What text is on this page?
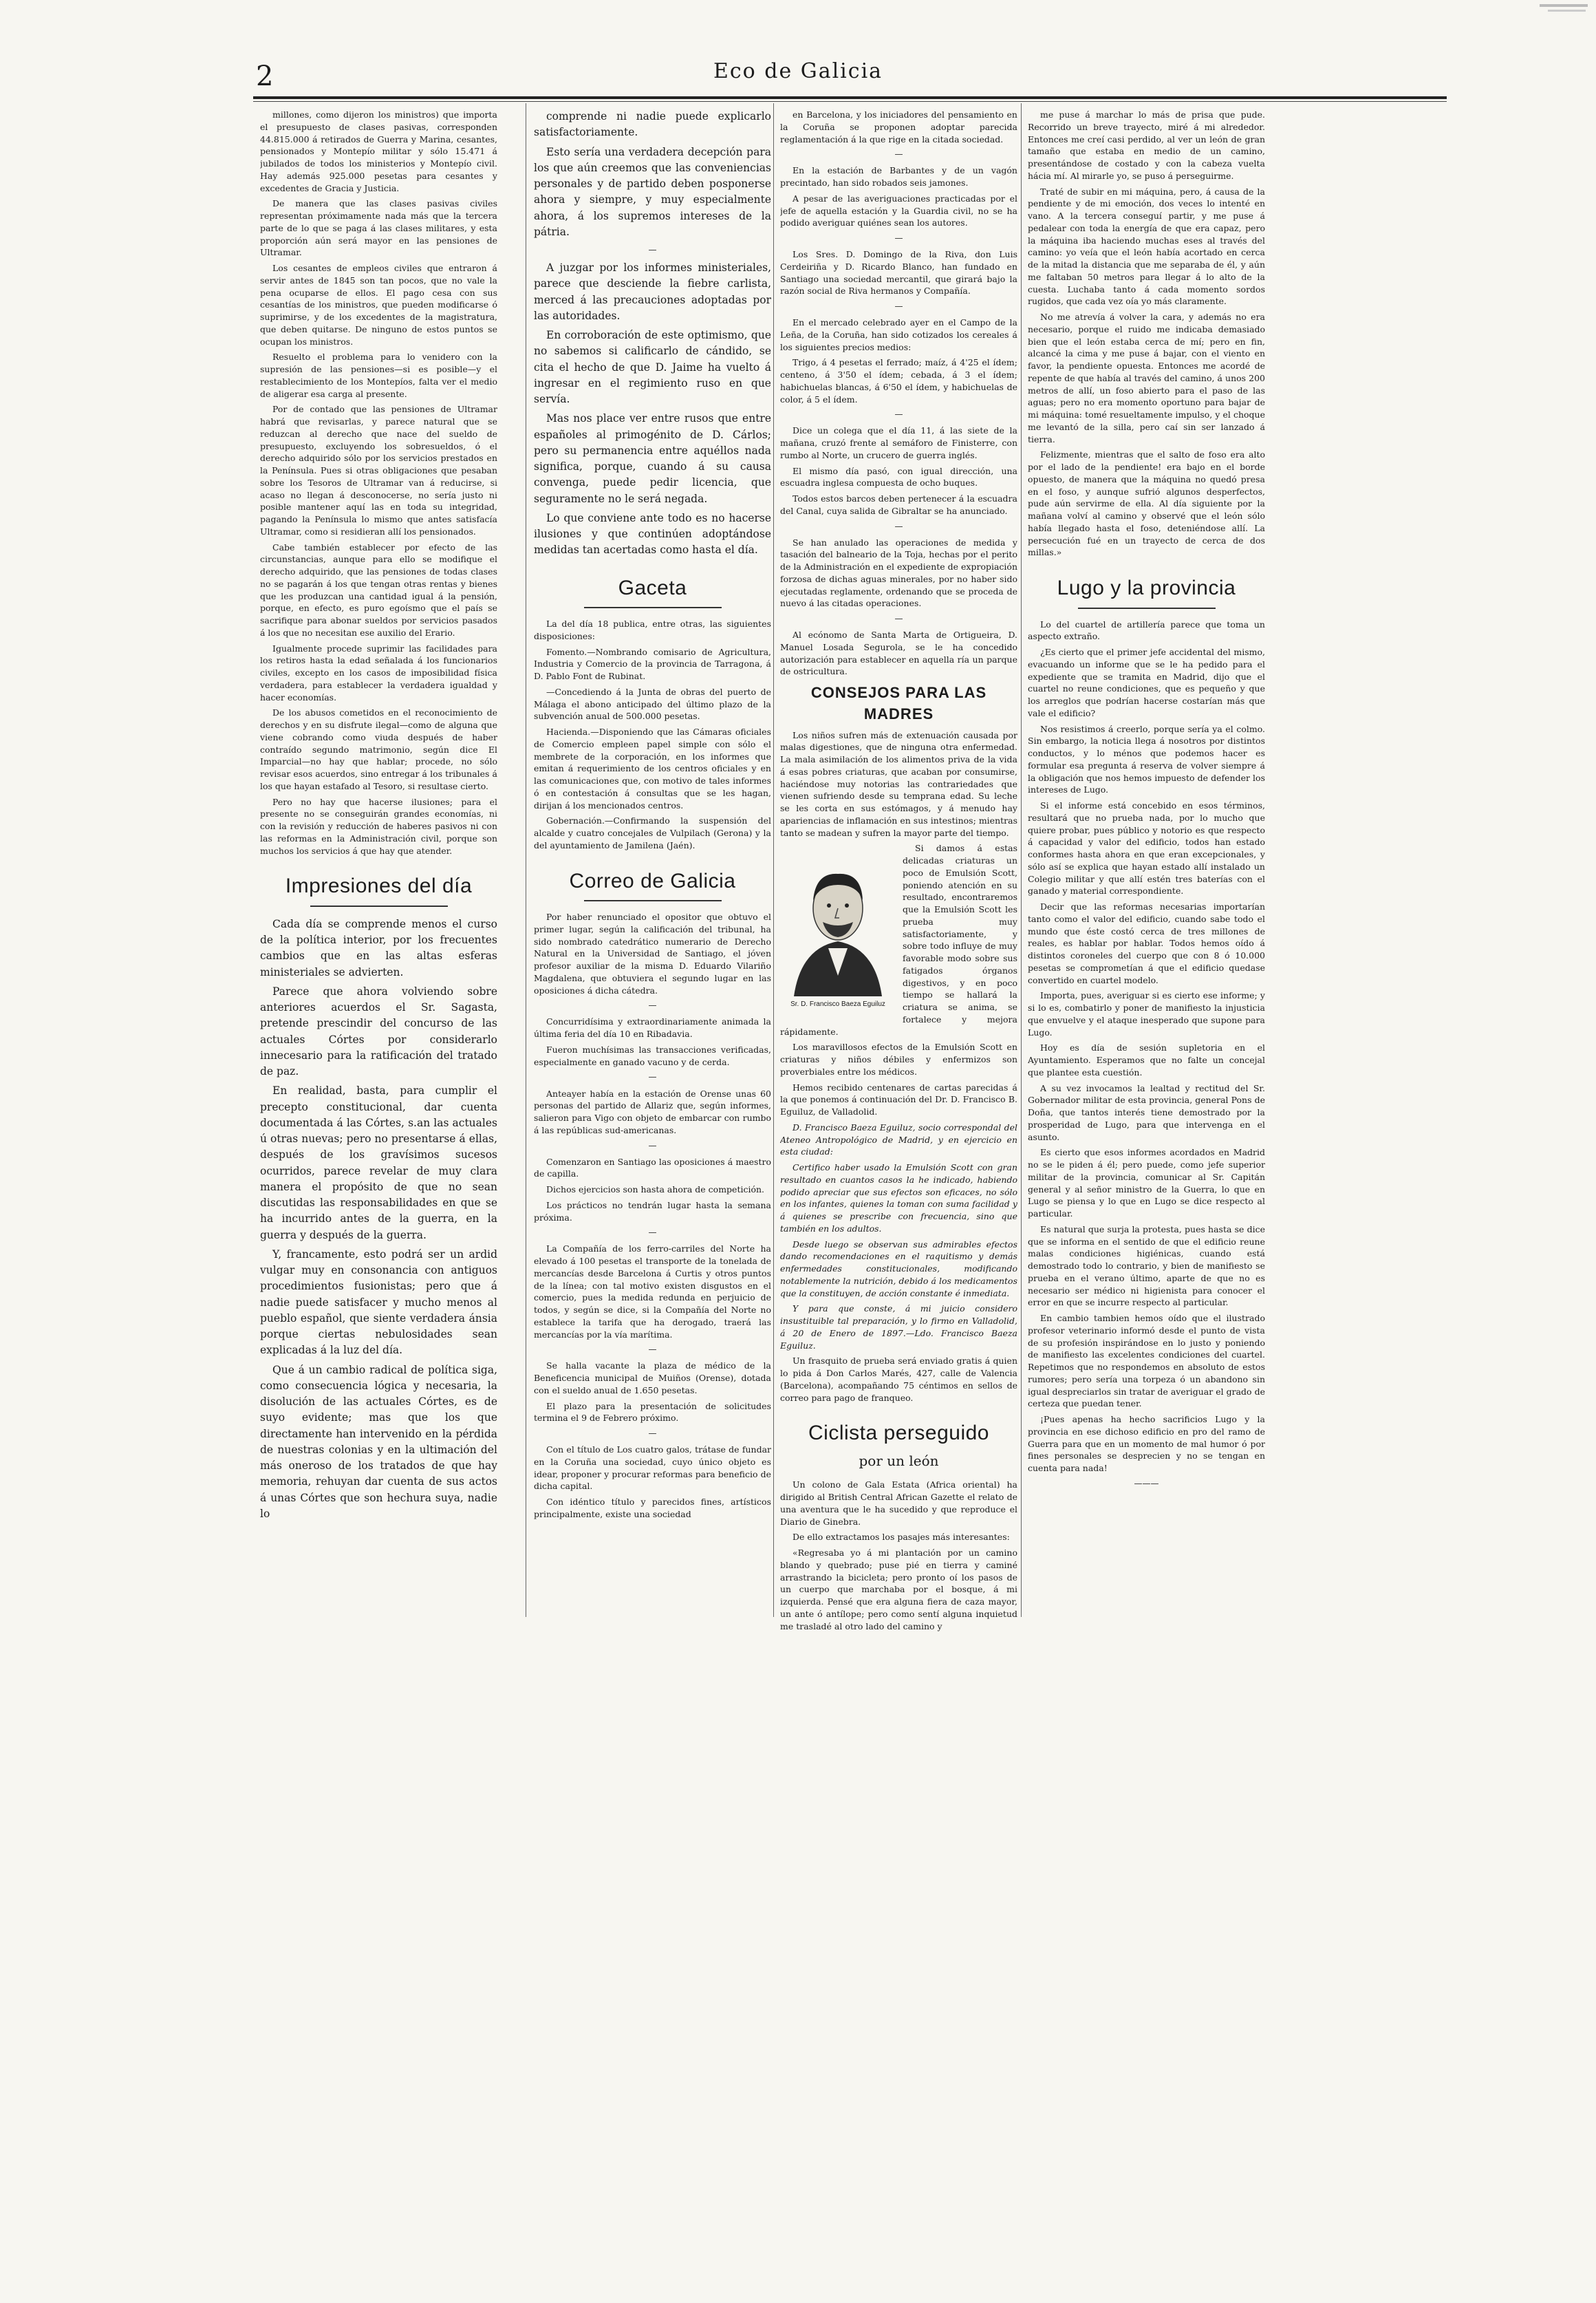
2	Eco de Galicia

millones, como dijeron los ministros) que importa el presupuesto de clases pasivas, corresponden 44.815.000 á retirados de Guerra y Marina, cesantes, pensionados y Montepío militar y sólo 15.471 á jubilados de todos los ministerios y Montepío civil. Hay además 925.000 pesetas para cesantes y excedentes de Gracia y Justicia.

De manera que las clases pasivas civiles representan próximamente nada más que la tercera parte de lo que se paga á las clases militares, y esta proporción aún será mayor en las pensiones de Ultramar.

Los cesantes de empleos civiles que entraron á servir antes de 1845 son tan pocos, que no vale la pena ocuparse de ellos. El pago cesa con sus cesantías de los ministros, que pueden modificarse ó suprimirse, y de los excedentes de la magistratura, que deben quitarse. De ninguno de estos puntos se ocupan los ministros.

Resuelto el problema para lo venidero con la supresión de las pensiones—si es posible—y el restablecimiento de los Montepíos, falta ver el medio de aligerar esa carga al presente.

Por de contado que las pensiones de Ultramar habrá que revisarlas, y parece natural que se reduzcan al derecho que nace del sueldo de presupuesto, excluyendo los sobresueldos, ó el derecho adquirido sólo por los servicios prestados en la Península. Pues si otras obligaciones que pesaban sobre los Tesoros de Ultramar van á reducirse, si acaso no llegan á desconocerse, no sería justo ni posible mantener aquí las en toda su integridad, pagando la Península lo mismo que antes satisfacía Ultramar, como si residieran allí los pensionados.

Cabe también establecer por efecto de las circunstancias, aunque para ello se modifique el derecho adquirido, que las pensiones de todas clases no se pagarán á los que tengan otras rentas y bienes que les produzcan una cantidad igual á la pensión, porque, en efecto, es puro egoísmo que el país se sacrifique para abonar sueldos por servicios pasados á los que no necesitan ese auxilio del Erario.

Igualmente procede suprimir las facilidades para los retiros hasta la edad señalada á los funcionarios civiles, excepto en los casos de imposibilidad física verdadera, para establecer la verdadera igualdad y hacer economías.

De los abusos cometidos en el reconocimiento de derechos y en su disfrute ilegal—como de alguna que viene cobrando como viuda después de haber contraído segundo matrimonio, según dice El Imparcial—no hay que hablar; procede, no sólo revisar esos acuerdos, sino entregar á los tribunales á los que hayan estafado al Tesoro, si resultase cierto.

Pero no hay que hacerse ilusiones; para el presente no se conseguirán grandes economías, ni con la revisión y reducción de haberes pasivos ni con las reformas en la Administración civil, porque son muchos los servicios á que hay que atender.

Impresiones del día

Cada día se comprende menos el curso de la política interior, por los frecuentes cambios que en las altas esferas ministeriales se advierten.

Parece que ahora volviendo sobre anteriores acuerdos el Sr. Sagasta, pretende prescindir del concurso de las actuales Córtes por considerarlo innecesario para la ratificación del tratado de paz.

En realidad, basta, para cumplir el precepto constitucional, dar cuenta documentada á las Córtes, s.an las actuales ú otras nuevas; pero no presentarse á ellas, después de los gravísimos sucesos ocurridos, parece revelar de muy clara manera el propósito de que no sean discutidas las responsabilidades en que se ha incurrido antes de la guerra, en la guerra y después de la guerra.

Y, francamente, esto podrá ser un ardid vulgar muy en consonancia con antiguos procedimientos fusionistas; pero que á nadie puede satisfacer y mucho menos al pueblo español, que siente verdadera ánsia porque ciertas nebulosidades sean explicadas á la luz del día.

Que á un cambio radical de política siga, como consecuencia lógica y necesaria, la disolución de las actuales Córtes, es de suyo evidente; mas que los que directamente han intervenido en la pérdida de nuestras colonias y en la ultimación del más oneroso de los tratados de que hay memoria, rehuyan dar cuenta de sus actos á unas Córtes que son hechura suya, nadie lo

comprende ni nadie puede explicarlo satisfactoriamente.

Esto sería una verdadera decepción para los que aún creemos que las conveniencias personales y de partido deben posponerse ahora y siempre, y muy especialmente ahora, á los supremos intereses de la pátria.

—

A juzgar por los informes ministeriales, parece que desciende la fiebre carlista, merced á las precauciones adoptadas por las autoridades.

En corroboración de este optimismo, que no sabemos si calificarlo de cándido, se cita el hecho de que D. Jaime ha vuelto á ingresar en el regimiento ruso en que servía.

Mas nos place ver entre rusos que entre españoles al primogénito de D. Cárlos; pero su permanencia entre aquéllos nada significa, porque, cuando á su causa convenga, puede pedir licencia, que seguramente no le será negada.

Lo que conviene ante todo es no hacerse ilusiones y que continúen adoptándose medidas tan acertadas como hasta el día.

Gaceta

La del día 18 publica, entre otras, las siguientes disposiciones:

Fomento.—Nombrando comisario de Agricultura, Industria y Comercio de la provincia de Tarragona, á D. Pablo Font de Rubinat.

—Concediendo á la Junta de obras del puerto de Málaga el abono anticipado del último plazo de la subvención anual de 500.000 pesetas.

Hacienda.—Disponiendo que las Cámaras oficiales de Comercio empleen papel simple con sólo el membrete de la corporación, en los informes que emitan á requerimiento de los centros oficiales y en las comunicaciones que, con motivo de tales informes ó en contestación á consultas que se les hagan, dirijan á los mencionados centros.

Gobernación.—Confirmando la suspensión del alcalde y cuatro concejales de Vulpilach (Gerona) y la del ayuntamiento de Jamilena (Jaén).

Correo de Galicia

Por haber renunciado el opositor que obtuvo el primer lugar, según la calificación del tribunal, ha sido nombrado catedrático numerario de Derecho Natural en la Universidad de Santiago, el jóven profesor auxiliar de la misma D. Eduardo Vilariño Magdalena, que obtuviera el segundo lugar en las oposiciones á dicha cátedra.

—

Concurridísima y extraordinariamente animada la última feria del día 10 en Ribadavia.

Fueron muchísimas las transacciones verificadas, especialmente en ganado vacuno y de cerda.

—

Anteayer había en la estación de Orense unas 60 personas del partido de Allariz que, según informes, salieron para Vigo con objeto de embarcar con rumbo á las repúblicas sud-americanas.

—

Comenzaron en Santiago las oposiciones á maestro de capilla.

Dichos ejercicios son hasta ahora de competición.

Los prácticos no tendrán lugar hasta la semana próxima.

—

La Compañía de los ferro-carriles del Norte ha elevado á 100 pesetas el transporte de la tonelada de mercancías desde Barcelona á Curtis y otros puntos de la línea; con tal motivo existen disgustos en el comercio, pues la medida redunda en perjuicio de todos, y según se dice, si la Compañía del Norte no establece la tarifa que ha derogado, traerá las mercancías por la vía marítima.

—

Se halla vacante la plaza de médico de la Beneficencia municipal de Muiños (Orense), dotada con el sueldo anual de 1.650 pesetas.

El plazo para la presentación de solicitudes termina el 9 de Febrero próximo.

—

Con el título de Los cuatro galos, trátase de fundar en la Coruña una sociedad, cuyo único objeto es idear, proponer y procurar reformas para beneficio de dicha capital.

Con idéntico título y parecidos fines, artísticos principalmente, existe una sociedad

en Barcelona, y los iniciadores del pensamiento en la Coruña se proponen adoptar parecida reglamentación á la que rige en la citada sociedad.

—

En la estación de Barbantes y de un vagón precintado, han sido robados seis jamones.

A pesar de las averiguaciones practicadas por el jefe de aquella estación y la Guardia civil, no se ha podido averiguar quiénes sean los autores.

—

Los Sres. D. Domingo de la Riva, don Luis Cerdeiriña y D. Ricardo Blanco, han fundado en Santiago una sociedad mercantil, que girará bajo la razón social de Riva hermanos y Compañía.

—

En el mercado celebrado ayer en el Campo de la Leña, de la Coruña, han sido cotizados los cereales á los siguientes precios medios:

Trigo, á 4 pesetas el ferrado; maíz, á 4'25 el ídem; centeno, á 3'50 el ídem; cebada, á 3 el ídem; habichuelas blancas, á 6'50 el ídem, y habichuelas de color, á 5 el ídem.

—

Dice un colega que el día 11, á las siete de la mañana, cruzó frente al semáforo de Finisterre, con rumbo al Norte, un crucero de guerra inglés.

El mismo día pasó, con igual dirección, una escuadra inglesa compuesta de ocho buques.

Todos estos barcos deben pertenecer á la escuadra del Canal, cuya salida de Gibraltar se ha anunciado.

—

Se han anulado las operaciones de medida y tasación del balneario de la Toja, hechas por el perito de la Administración en el expediente de expropiación forzosa de dichas aguas minerales, por no haber sido ejecutadas reglamente, ordenando que se proceda de nuevo á las citadas operaciones.

—

Al ecónomo de Santa Marta de Ortigueira, D. Manuel Losada Segurola, se le ha concedido autorización para establecer en aquella ría un parque de ostricultura.

CONSEJOS PARA LAS MADRES

Los niños sufren más de extenuación causada por malas digestiones, que de ninguna otra enfermedad. La mala asimilación de los alimentos priva de la vida á esas pobres criaturas, que acaban por consumirse, haciéndose muy notorias las contrariedades que vienen sufriendo desde su temprana edad. Su leche se les corta en sus estómagos, y á menudo hay apariencias de inflamación en sus intestinos; mientras tanto se madean y sufren la mayor parte del tiempo.

Sr. D. Francisco Baeza Eguiluz

Si damos á estas delicadas criaturas un poco de Emulsión Scott, poniendo atención en su resultado, encontraremos que la Emulsión Scott les prueba muy satisfactoriamente, y sobre todo influye de muy favorable modo sobre sus fatigados órganos digestivos, y en poco tiempo se hallará la criatura se anima, se fortalece y mejora rápidamente.

Los maravillosos efectos de la Emulsión Scott en criaturas y niños débiles y enfermizos son proverbiales entre los médicos.

Hemos recibido centenares de cartas parecidas á la que ponemos á continuación del Dr. D. Francisco B. Eguiluz, de Valladolid.

D. Francisco Baeza Eguiluz, socio correspondal del Ateneo Antropológico de Madrid, y en ejercicio en esta ciudad:

Certifico haber usado la Emulsión Scott con gran resultado en cuantos casos la he indicado, habiendo podido apreciar que sus efectos son eficaces, no sólo en los infantes, quienes la toman con suma facilidad y á quienes se prescribe con frecuencia, sino que también en los adultos.

Desde luego se observan sus admirables efectos dando recomendaciones en el raquitismo y demás enfermedades constitucionales, modificando notablemente la nutrición, debido á los medicamentos que la constituyen, de acción constante é inmediata.

Y para que conste, á mi juicio considero insustituible tal preparación, y lo firmo en Valladolid, á 20 de Enero de 1897.—Ldo. Francisco Baeza Eguiluz.

Un frasquito de prueba será enviado gratis á quien lo pida á Don Carlos Marés, 427, calle de Valencia (Barcelona), acompañando 75 céntimos en sellos de correo para pago de franqueo.

Ciclista perseguido
por un león

Un colono de Gala Estata (Africa oriental) ha dirigido al British Central African Gazette el relato de una aventura que le ha sucedido y que reproduce el Diario de Ginebra.

De ello extractamos los pasajes más interesantes:

«Regresaba yo á mi plantación por un camino blando y quebrado; puse pié en tierra y caminé arrastrando la bicicleta; pero pronto oí los pasos de un cuerpo que marchaba por el bosque, á mi izquierda. Pensé que era alguna fiera de caza mayor, un ante ó antílope; pero como sentí alguna inquietud me trasladé al otro lado del camino y

me puse á marchar lo más de prisa que pude. Recorrido un breve trayecto, miré á mi alrededor. Entonces me creí casi perdido, al ver un león de gran tamaño que estaba en medio de un camino, presentándose de costado y con la cabeza vuelta hácia mí. Al mirarle yo, se puso á perseguirme.

Traté de subir en mi máquina, pero, á causa de la pendiente y de mi emoción, dos veces lo intenté en vano. A la tercera conseguí partir, y me puse á pedalear con toda la energía de que era capaz, pero la máquina iba haciendo muchas eses al través del camino: yo veía que el león había acortado en cerca de la mitad la distancia que me separaba de él, y aún me faltaban 50 metros para llegar á lo alto de la cuesta. Luchaba tanto á cada momento sordos rugidos, que cada vez oía yo más claramente.

No me atrevía á volver la cara, y además no era necesario, porque el ruido me indicaba demasiado bien que el león estaba cerca de mí; pero en fin, alcancé la cima y me puse á bajar, con el viento en favor, la pendiente opuesta. Entonces me acordé de repente de que había al través del camino, á unos 200 metros de allí, un foso abierto para el paso de las aguas; pero no era momento oportuno para bajar de mi máquina: tomé resueltamente impulso, y el choque me levantó de la silla, pero caí sin ser lanzado á tierra.

Felizmente, mientras que el salto de foso era alto por el lado de la pendiente! era bajo en el borde opuesto, de manera que la máquina no quedó presa en el foso, y aunque sufrió algunos desperfectos, pude aún servirme de ella. Al día siguiente por la mañana volví al camino y observé que el león sólo había llegado hasta el foso, deteniéndose allí. La persecución fué en un trayecto de cerca de dos millas.»

Lugo y la provincia

Lo del cuartel de artillería parece que toma un aspecto extraño.

¿Es cierto que el primer jefe accidental del mismo, evacuando un informe que se le ha pedido para el expediente que se tramita en Madrid, dijo que el cuartel no reune condiciones, que es pequeño y que los arreglos que podrían hacerse costarían más que vale el edificio?

Nos resistimos á creerlo, porque sería ya el colmo. Sin embargo, la noticia llega á nosotros por distintos conductos, y lo ménos que podemos hacer es formular esa pregunta á reserva de volver siempre á la obligación que nos hemos impuesto de defender los intereses de Lugo.

Si el informe está concebido en esos términos, resultará que no prueba nada, por lo mucho que quiere probar, pues público y notorio es que respecto á capacidad y valor del edificio, todos han estado conformes hasta ahora en que eran excepcionales, y sólo así se explica que hayan estado allí instalado un Colegio militar y que allí estén tres baterías con el ganado y material correspondiente.

Decir que las reformas necesarias importarían tanto como el valor del edificio, cuando sabe todo el mundo que éste costó cerca de tres millones de reales, es hablar por hablar. Todos hemos oído á distintos coroneles del cuerpo que con 8 ó 10.000 pesetas se comprometían á que el edificio quedase convertido en cuartel modelo.

Importa, pues, averiguar si es cierto ese informe; y si lo es, combatirlo y poner de manifiesto la injusticia que envuelve y el ataque inesperado que supone para Lugo.

Hoy es día de sesión supletoria en el Ayuntamiento. Esperamos que no falte un concejal que plantee esta cuestión.

A su vez invocamos la lealtad y rectitud del Sr. Gobernador militar de esta provincia, general Pons de Doña, que tantos interés tiene demostrado por la prosperidad de Lugo, para que intervenga en el asunto.

Es cierto que esos informes acordados en Madrid no se le piden á él; pero puede, como jefe superior militar de la provincia, comunicar al Sr. Capitán general y al señor ministro de la Guerra, lo que en Lugo se piensa y lo que en Lugo se dice respecto al particular.

Es natural que surja la protesta, pues hasta se dice que se informa en el sentido de que el edificio reune malas condiciones higiénicas, cuando está demostrado todo lo contrario, y bien de manifiesto se prueba en el verano último, aparte de que no es necesario ser médico ni higienista para conocer el error en que se incurre respecto al particular.

En cambio tambien hemos oído que el ilustrado profesor veterinario informó desde el punto de vista de su profesión inspirándose en lo justo y poniendo de manifiesto las excelentes condiciones del cuartel. Repetimos que no respondemos en absoluto de estos rumores; pero sería una torpeza ó un abandono sin igual despreciarlos sin tratar de averiguar el grado de certeza que puedan tener.

¡Pues apenas ha hecho sacrificios Lugo y la provincia en ese dichoso edificio en pro del ramo de Guerra para que en un momento de mal humor ó por fines personales se desprecien y no se tengan en cuenta para nada!

———
